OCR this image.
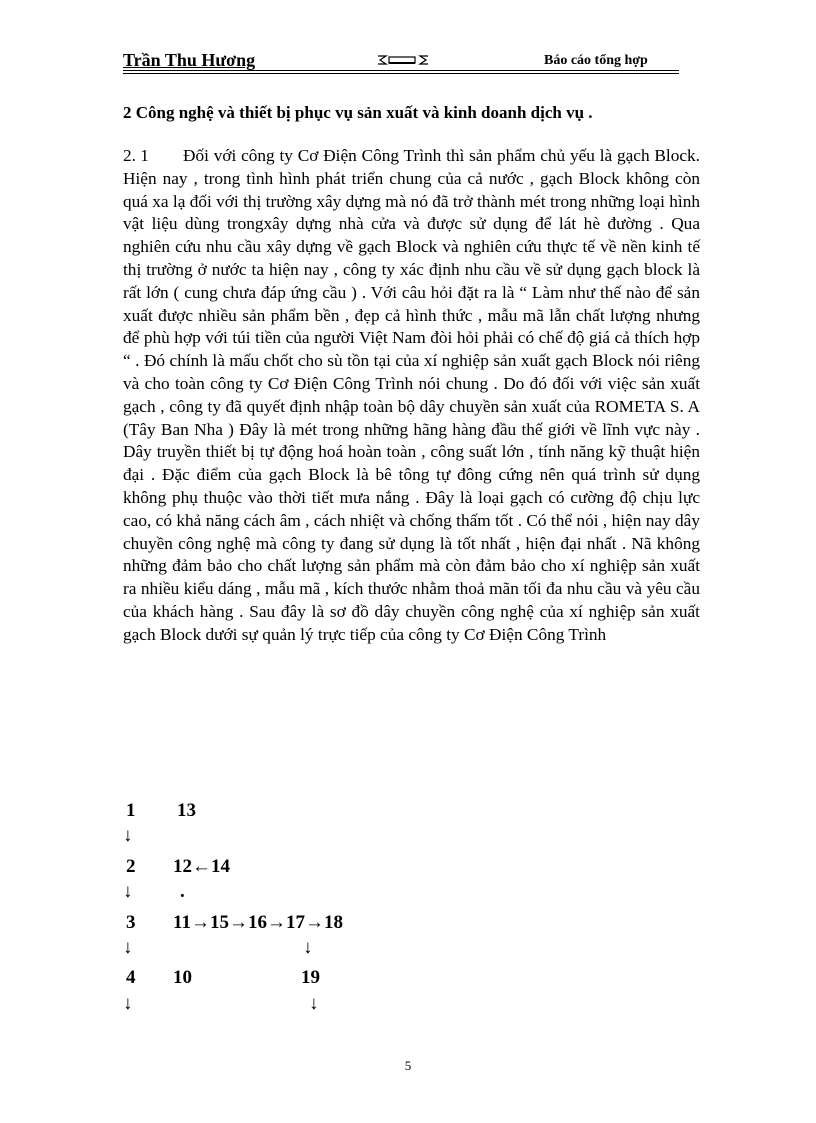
Trần Thu Hương	Báo cáo tổng hợp
2 Công nghệ và thiết bị phục vụ sản xuất và kinh doanh dịch vụ .
2. 1 Đối với công ty Cơ Điện Công Trình thì sản phẩm chủ yếu là gạch Block. Hiện nay , trong tình hình phát triển chung của cả nước , gạch Block không còn quá xa lạ đối với thị trường xây dựng mà nó đã trở thành mét trong những loại hình vật liệu dùng trongxây dựng nhà cửa và được sử dụng để lát hè đường . Qua nghiên cứu nhu cầu xây dựng về gạch Block và nghiên cứu thực tế về nền kinh tế thị trường ở nước ta hiện nay , công ty xác định nhu cầu về sử dụng gạch block là rất lớn ( cung chưa đáp ứng cầu ) . Với câu hỏi đặt ra là “ Làm như thế nào để sản xuất được nhiều sản phẩm bền , đẹp cả hình thức , mẫu mã lẫn chất lượng nhưng để phù hợp với túi tiền của người Việt Nam đòi hỏi phải có chế độ giá cả thích hợp “ . Đó chính là mấu chốt cho sù tồn tại của xí nghiệp sản xuất gạch Block nói riêng và cho toàn công ty Cơ Điện Công Trình nói chung . Do đó đối với việc sản xuất gạch , công ty đã quyết định nhập toàn bộ dây chuyền sản xuất của ROMETA S. A (Tây Ban Nha ) Đây là mét trong những hãng hàng đầu thế giới về lĩnh vực này . Dây truyền thiết bị tự động hoá hoàn toàn , công suất lớn , tính năng kỹ thuật hiện đại . Đặc điểm của gạch Block là bê tông tự đông cứng nên quá trình sử dụng không phụ thuộc vào thời tiết mưa nắng . Đây là loại gạch có cường độ chịu lực cao, có khả năng cách âm , cách nhiệt và chống thấm tốt . Có thể nói , hiện nay dây chuyền công nghệ mà công ty đang sử dụng là tốt nhất , hiện đại nhất . Nã không những đảm bảo cho chất lượng sản phẩm mà còn đảm bảo cho xí nghiệp sản xuất ra nhiều kiểu dáng , mẫu mã , kích thước nhằm thoả mãn tối đa nhu cầu và yêu cầu của khách hàng . Sau đây là sơ đồ dây chuyền công nghệ của xí nghiệp sản xuất gạch Block dưới sự quản lý trực tiếp của công ty Cơ Điện Công Trình
1 13
↓
2 12←14
↓	.
3 11→15→16→17→18
↓	↓
4 10	19
↓	↓
5
